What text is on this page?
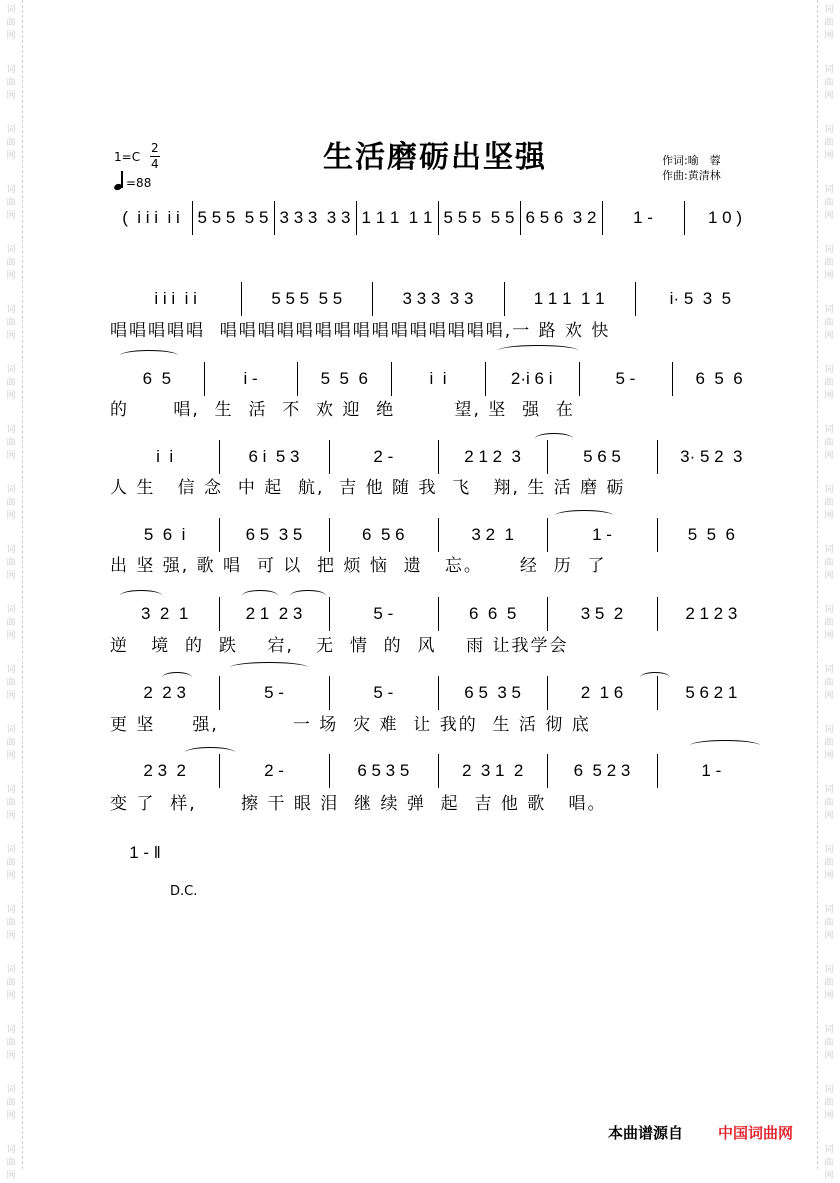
词
曲
网
词
曲
网
词
曲
网
词
曲
网
词
曲
网
词
曲
网
词
曲
网
词
曲
网
词
曲
网
词
曲
网
词
曲
网
词
曲
网
词
曲
网
词
曲
网
词
曲
网
词
曲
网
词
曲
网
词
曲
网
词
曲
网
词
曲
网
词
曲
网
词
曲
网
词
曲
网
词
曲
网
词
曲
网
词
曲
网
词
曲
网
词
曲
网
词
曲
网
词
曲
网
词
曲
网
词
曲
网
词
曲
网
词
曲
网
词
曲
网
词
曲
网
词
曲
网
词
曲
网
词
曲
网
词
曲
网
生活磨砺出坚强
1=C
2
4
=88
作词:喻　蓉
作曲:黄清林
(  i i i  i i	5 5 5  5 5 3 3 3  3 3 1 1 1  1 1 5 5 5  5 5 6 5 6  3 2	1 -	1 0 )
i i i  i i	5 5 5  5 5	3 3 3  3 3	1 1 1  1 1	i· 5  3  5
唱唱唱唱唱  唱唱唱唱唱唱唱唱唱唱唱唱唱唱唱,一 路 欢 快
6  5	i -	5  5  6	i  i	2·i 6 i	5 -	6  5  6
的      唱,  生  活  不  欢 迎  绝        望, 坚  强  在
i  i	6 i  5 3	2 -	2 1 2  3	5 6 5	3· 5 2  3
人 生   信 念  中 起  航,  吉 他 随 我  飞   翔, 生 活 磨 砺
5  6  i	6 5  3 5	6  5 6	3 2  1	1 -	5  5  6
出 坚 强, 歌 唱  可 以  把 烦 恼  遗   忘。     经  历  了
3  2  1	2 1  2 3	5 -	6  6  5	3 5  2	2 1 2 3
逆   境  的  跌    宕,   无  情  的  风    雨 让我学会
2  2 3	5 -	5 -	6 5  3 5	2  1 6	5 6 2 1
更 坚     强,          一 场  灾 难  让 我的  生 活 彻 底
2 3  2	2 -	6 5 3 5	2  3 1  2	6  5 2 3	1 -
变 了  样,      擦 干 眼 泪  继 续 弹  起  吉 他 歌   唱。
1 - ‖
D.C.
本曲谱源自 中国词曲网
